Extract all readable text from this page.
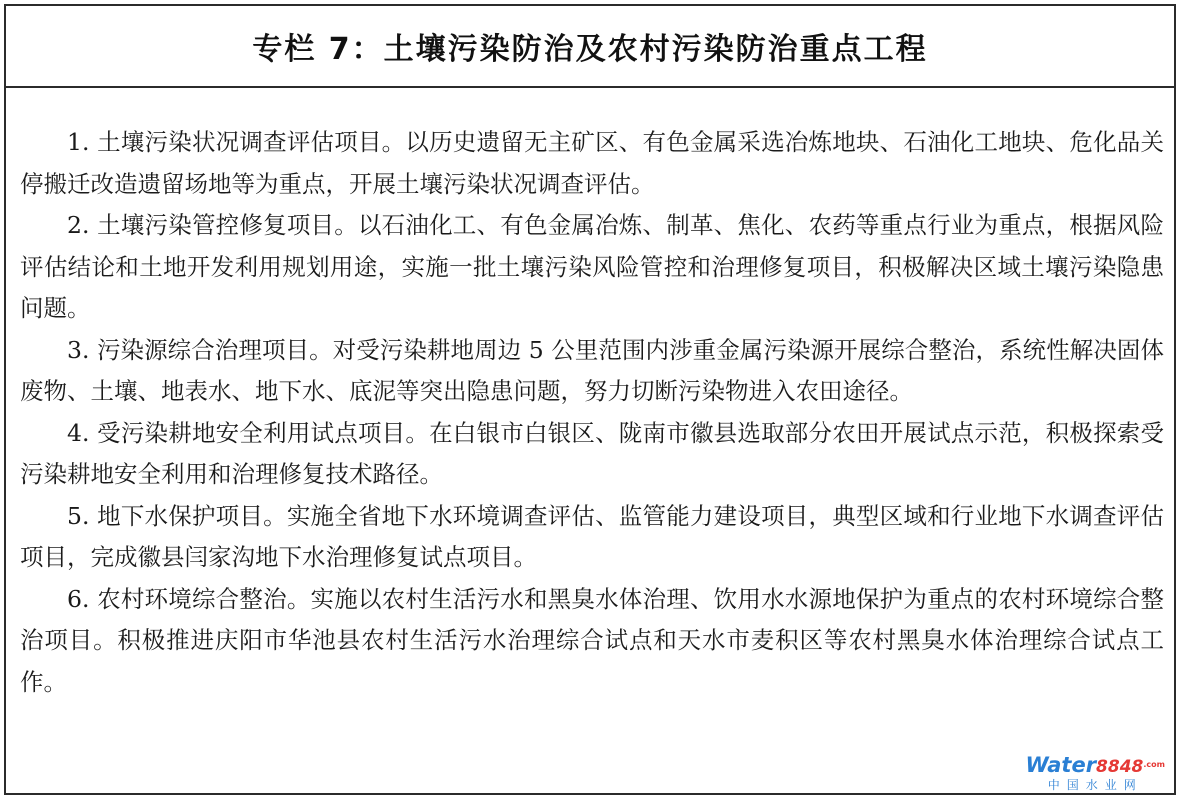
专栏 7：土壤污染防治及农村污染防治重点工程

1. 土壤污染状况调查评估项目。以历史遗留无主矿区、有色金属采选冶炼地块、石油化工地块、危化品关停搬迁改造遗留场地等为重点，开展土壤污染状况调查评估。

2. 土壤污染管控修复项目。以石油化工、有色金属冶炼、制革、焦化、农药等重点行业为重点，根据风险评估结论和土地开发利用规划用途，实施一批土壤污染风险管控和治理修复项目，积极解决区域土壤污染隐患问题。

3. 污染源综合治理项目。对受污染耕地周边 5 公里范围内涉重金属污染源开展综合整治，系统性解决固体废物、土壤、地表水、地下水、底泥等突出隐患问题，努力切断污染物进入农田途径。

4. 受污染耕地安全利用试点项目。在白银市白银区、陇南市徽县选取部分农田开展试点示范，积极探索受污染耕地安全利用和治理修复技术路径。

5. 地下水保护项目。实施全省地下水环境调查评估、监管能力建设项目，典型区域和行业地下水调查评估项目，完成徽县闫家沟地下水治理修复试点项目。

6. 农村环境综合整治。实施以农村生活污水和黑臭水体治理、饮用水水源地保护为重点的农村环境综合整治项目。积极推进庆阳市华池县农村生活污水治理综合试点和天水市麦积区等农村黑臭水体治理综合试点工作。

$Water8848^{.com}$
中国水业网
